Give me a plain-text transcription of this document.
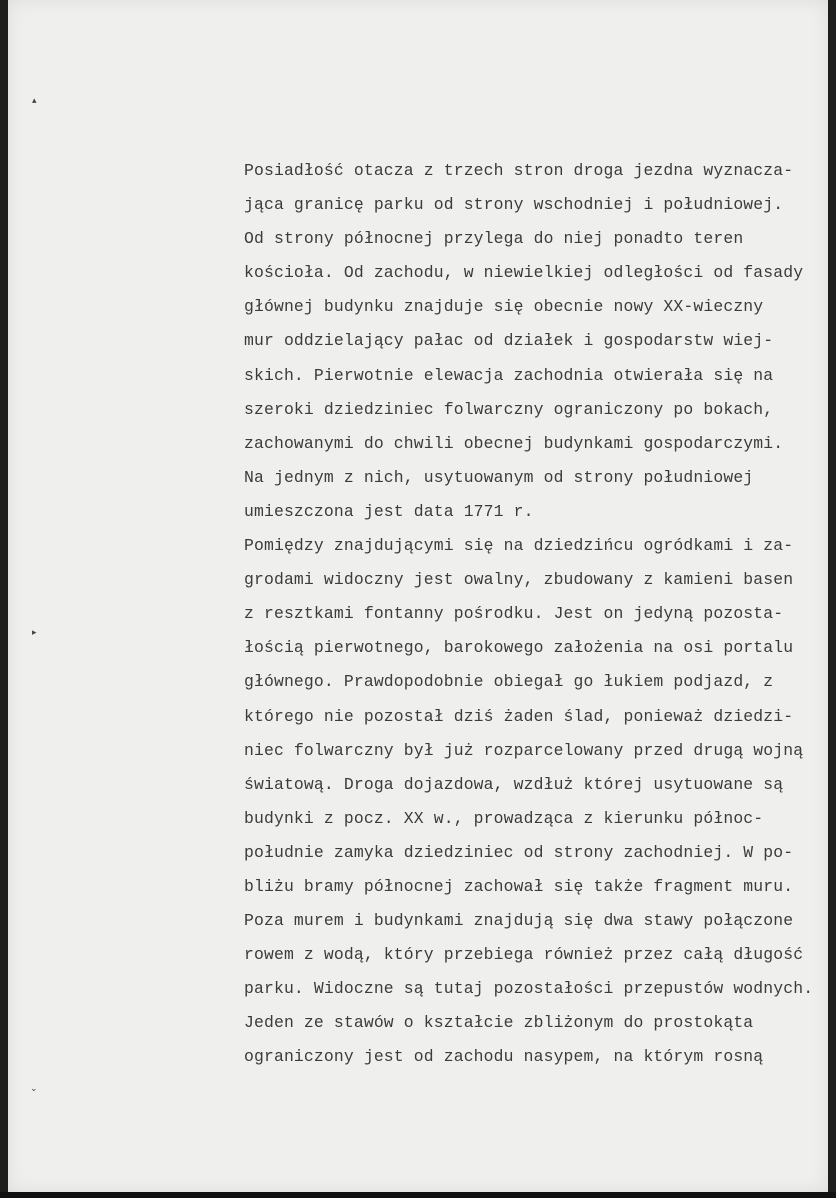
▴
▸
⌄
Posiadłość otacza z trzech stron droga jezdna wyznacza-
jąca granicę parku od strony wschodniej i południowej.
Od strony północnej przylega do niej ponadto teren
kościoła. Od zachodu, w niewielkiej odległości od fasady
głównej budynku znajduje się obecnie nowy XX-wieczny
mur oddzielający pałac od działek i gospodarstw wiej-
skich. Pierwotnie elewacja zachodnia otwierała się na
szeroki dziedziniec folwarczny ograniczony po bokach,
zachowanymi do chwili obecnej budynkami gospodarczymi.
Na jednym z nich, usytuowanym od strony południowej
umieszczona jest data 1771 r.
Pomiędzy znajdującymi się na dziedzińcu ogródkami i za-
grodami widoczny jest owalny, zbudowany z kamieni basen
z resztkami fontanny pośrodku. Jest on jedyną pozosta-
łością pierwotnego, barokowego założenia na osi portalu
głównego. Prawdopodobnie obiegał go łukiem podjazd, z
którego nie pozostał dziś żaden ślad, ponieważ dziedzi-
niec folwarczny był już rozparcelowany przed drugą wojną
światową. Droga dojazdowa, wzdłuż której usytuowane są
budynki z pocz. XX w., prowadząca z kierunku północ-
południe zamyka dziedziniec od strony zachodniej. W po-
bliżu bramy północnej zachował się także fragment muru.
Poza murem i budynkami znajdują się dwa stawy połączone
rowem z wodą, który przebiega również przez całą długość
parku. Widoczne są tutaj pozostałości przepustów wodnych.
Jeden ze stawów o kształcie zbliżonym do prostokąta
ograniczony jest od zachodu nasypem, na którym rosną
